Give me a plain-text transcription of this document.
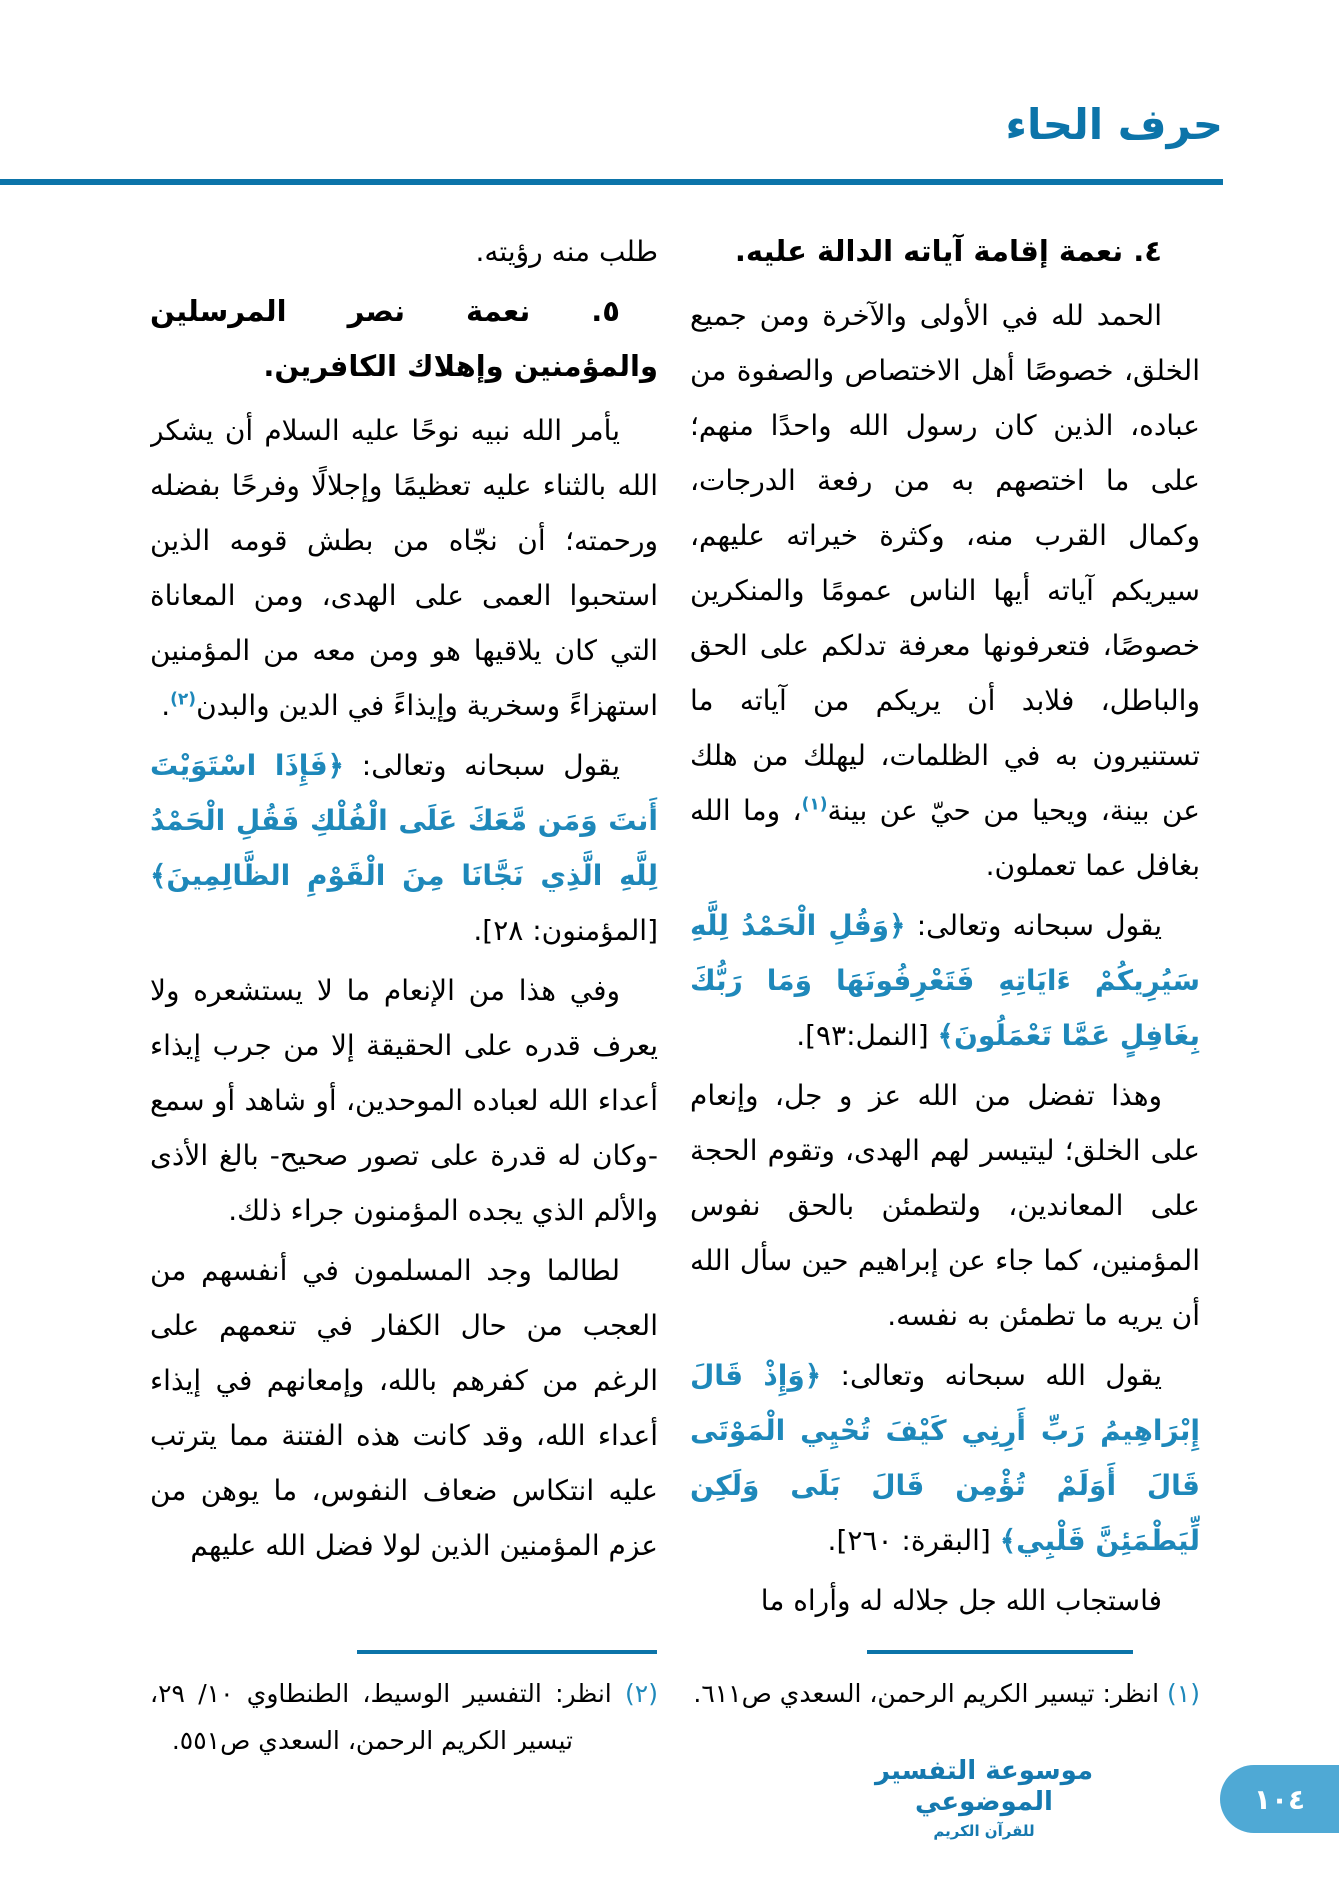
حرف الحاء

٤. نعمة إقامة آياته الدالة عليه.

الحمد لله في الأولى والآخرة ومن جميع الخلق، خصوصًا أهل الاختصاص والصفوة من عباده، الذين كان رسول الله واحدًا منهم؛ على ما اختصهم به من رفعة الدرجات، وكمال القرب منه، وكثرة خيراته عليهم، سيريكم آياته أيها الناس عمومًا والمنكرين خصوصًا، فتعرفونها معرفة تدلكم على الحق والباطل، فلابد أن يريكم من آياته ما تستنيرون به في الظلمات، ليهلك من هلك عن بينة، ويحيا من حيّ عن بينة$^{(١)}$، وما الله بغافل عما تعملون.

يقول سبحانه وتعالى: ﴿وَقُلِ الْحَمْدُ لِلَّهِ سَيُرِيكُمْ ءَايَاتِهِ فَتَعْرِفُونَهَا وَمَا رَبُّكَ بِغَافِلٍ عَمَّا تَعْمَلُونَ﴾ [النمل:٩٣].

وهذا تفضل من الله عز و جل، وإنعام على الخلق؛ ليتيسر لهم الهدى، وتقوم الحجة على المعاندين، ولتطمئن بالحق نفوس المؤمنين، كما جاء عن إبراهيم حين سأل الله أن يريه ما تطمئن به نفسه.

يقول الله سبحانه وتعالى: ﴿وَإِذْ قَالَ إِبْرَاهِيمُ رَبِّ أَرِنِي كَيْفَ تُحْيِي الْمَوْتَى قَالَ أَوَلَمْ تُؤْمِن قَالَ بَلَى وَلَكِن لِّيَطْمَئِنَّ قَلْبِي﴾ [البقرة: ٢٦٠].

فاستجاب الله جل جلاله له وأراه ما

طلب منه رؤيته.

٥. نعمة نصر المرسلين والمؤمنين وإهلاك الكافرين.

يأمر الله نبيه نوحًا عليه السلام أن يشكر الله بالثناء عليه تعظيمًا وإجلالًا وفرحًا بفضله ورحمته؛ أن نجّاه من بطش قومه الذين استحبوا العمى على الهدى، ومن المعاناة التي كان يلاقيها هو ومن معه من المؤمنين استهزاءً وسخرية وإيذاءً في الدين والبدن$^{(٢)}$.

يقول سبحانه وتعالى: ﴿فَإِذَا اسْتَوَيْتَ أَنتَ وَمَن مَّعَكَ عَلَى الْفُلْكِ فَقُلِ الْحَمْدُ لِلَّهِ الَّذِي نَجَّانَا مِنَ الْقَوْمِ الظَّالِمِينَ﴾ [المؤمنون: ٢٨].

وفي هذا من الإنعام ما لا يستشعره ولا يعرف قدره على الحقيقة إلا من جرب إيذاء أعداء الله لعباده الموحدين، أو شاهد أو سمع -وكان له قدرة على تصور صحيح- بالغ الأذى والألم الذي يجده المؤمنون جراء ذلك.

لطالما وجد المسلمون في أنفسهم من العجب من حال الكفار في تنعمهم على الرغم من كفرهم بالله، وإمعانهم في إيذاء أعداء الله، وقد كانت هذه الفتنة مما يترتب عليه انتكاس ضعاف النفوس، ما يوهن من عزم المؤمنين الذين لولا فضل الله عليهم

(١) انظر: تيسير الكريم الرحمن، السعدي ص٦١١.

(٢) انظر: التفسير الوسيط، الطنطاوي ١٠/ ٢٩، تيسير الكريم الرحمن، السعدي ص٥٥١.

موسوعة التفسير الموضوعي
للقرآن الكريم
١٠٤
